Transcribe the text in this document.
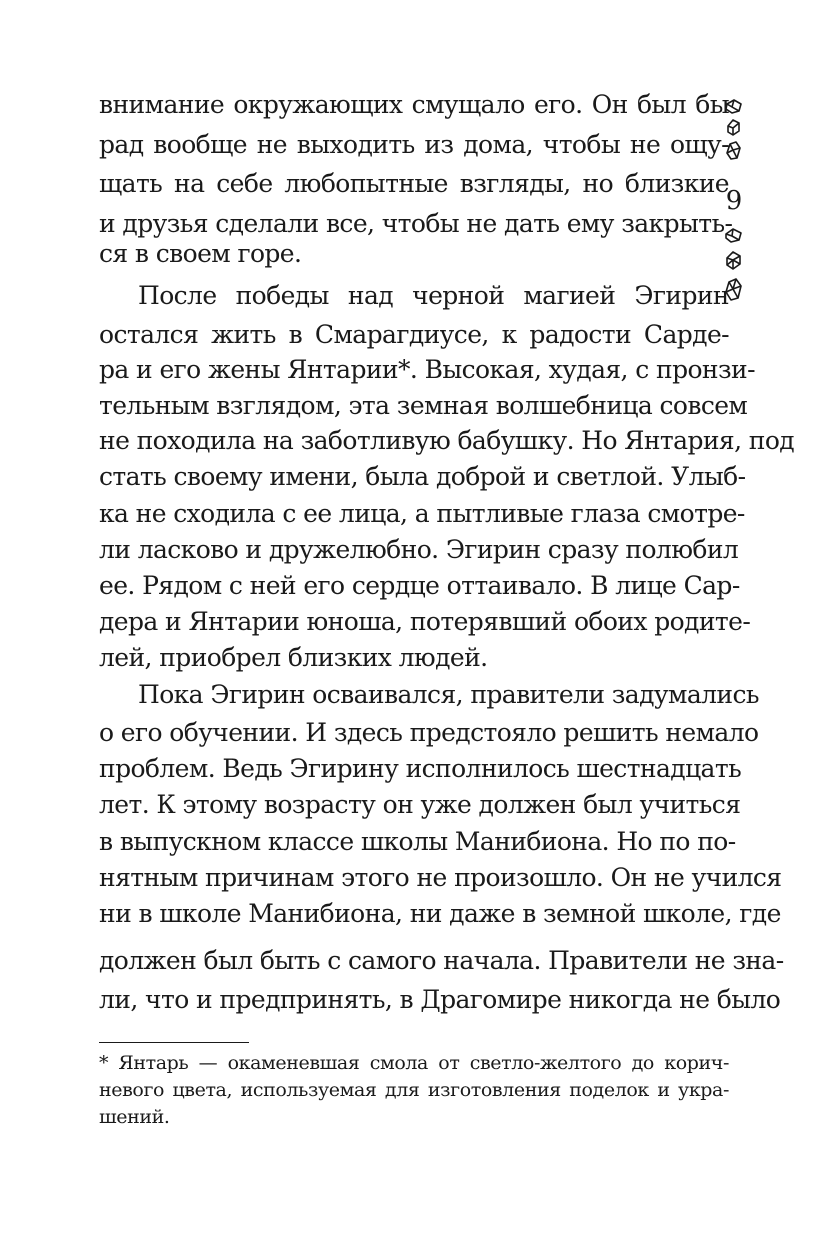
9
внимание окружающих смущало его. Он был бы
рад вообще не выходить из дома, чтобы не ощу-
щать на себе любопытные взгляды, но близкие
и друзья сделали все, чтобы не дать ему закрыть-
ся в своем горе.
После победы над черной магией Эгирин
остался жить в Смарагдиусе, к радости Сарде-
ра и его жены Янтарии*. Высокая, худая, с пронзи-
тельным взглядом, эта земная волшебница совсем
не походила на заботливую бабушку. Но Янтария, под
стать своему имени, была доброй и светлой. Улыб-
ка не сходила с ее лица, а пытливые глаза смотре-
ли ласково и дружелюбно. Эгирин сразу полюбил
ее. Рядом с ней его сердце оттаивало. В лице Сар-
дера и Янтарии юноша, потерявший обоих родите-
лей, приобрел близких людей.
Пока Эгирин осваивался, правители задумались
о его обучении. И здесь предстояло решить немало
проблем. Ведь Эгирину исполнилось шестнадцать
лет. К этому возрасту он уже должен был учиться
в выпускном классе школы Манибиона. Но по по-
нятным причинам этого не произошло. Он не учился
ни в школе Манибиона, ни даже в земной школе, где
должен был быть с самого начала. Правители не зна-
ли, что и предпринять, в Драгомире никогда не было
* Янтарь — окаменевшая смола от светло-желтого до корич-
невого цвета, используемая для изготовления поделок и укра-
шений.
